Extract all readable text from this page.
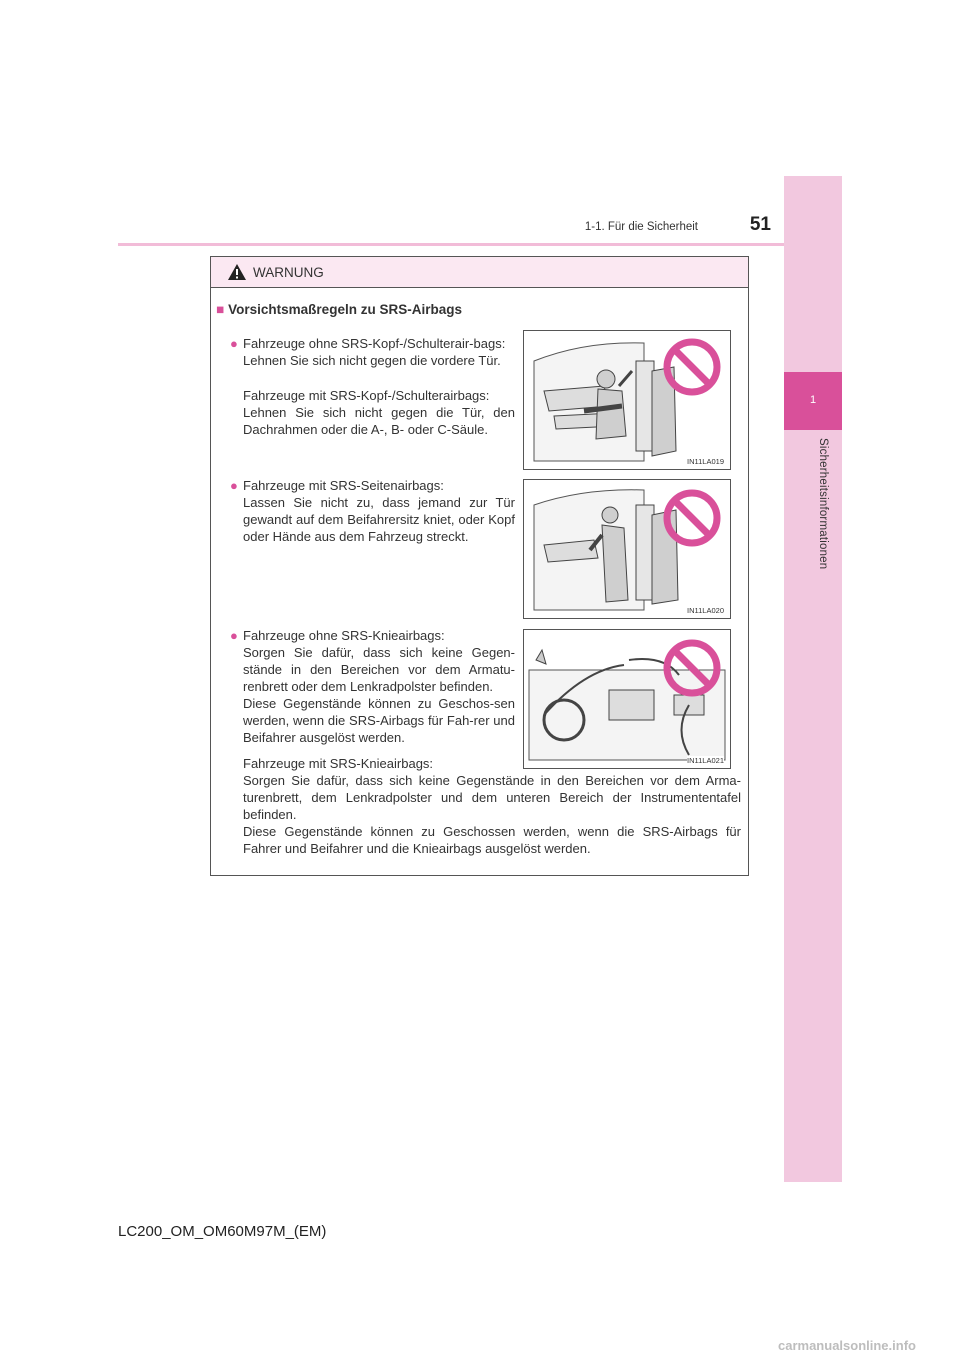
1-1. Für die Sicherheit	51
1
Sicherheitsinformationen
WARNUNG
■ Vorsichtsmaßregeln zu SRS-Airbags
● Fahrzeuge ohne SRS-Kopf-/Schulterair-bags:
Lehnen Sie sich nicht gegen die vordere Tür.

Fahrzeuge mit SRS-Kopf-/Schulterairbags:
Lehnen Sie sich nicht gegen die Tür, den Dachrahmen oder die A-, B- oder C-Säule.

IN11LA019
● Fahrzeuge mit SRS-Seitenairbags:
Lassen Sie nicht zu, dass jemand zur Tür gewandt auf dem Beifahrersitz kniet, oder Kopf oder Hände aus dem Fahrzeug streckt.

IN11LA020
● Fahrzeuge ohne SRS-Knieairbags:
Sorgen Sie dafür, dass sich keine Gegen-stände in den Bereichen vor dem Armatu-renbrett oder dem Lenkradpolster befinden.
Diese Gegenstände können zu Geschos-sen werden, wenn die SRS-Airbags für Fah-rer und Beifahrer ausgelöst werden.

IN11LA021

Fahrzeuge mit SRS-Knieairbags:
Sorgen Sie dafür, dass sich keine Gegenstände in den Bereichen vor dem Arma-turenbrett, dem Lenkradpolster und dem unteren Bereich der Instrumententafel befinden.
Diese Gegenstände können zu Geschossen werden, wenn die SRS-Airbags für Fahrer und Beifahrer und die Knieairbags ausgelöst werden.

LC200_OM_OM60M97M_(EM)
carmanualsonline.info
